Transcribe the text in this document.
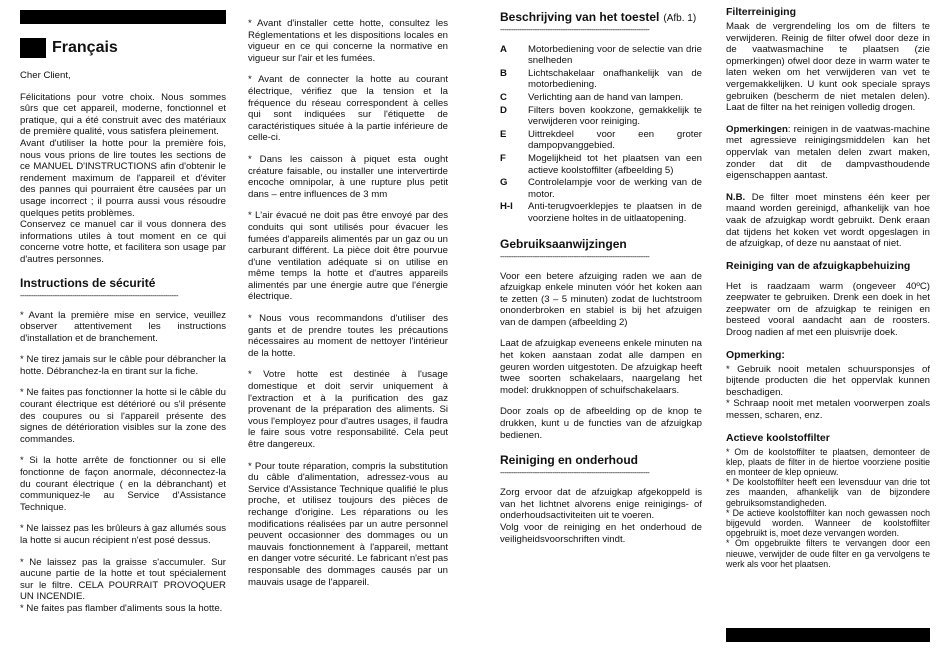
Français

Cher Client,

Félicitations pour votre choix. Nous sommes sûrs que cet appareil, moderne, fonctionnel et pratique, qui a été construit avec des matériaux de première qualité, vous satisfera pleinement.

Avant d'utiliser la hotte pour la première fois, nous vous prions de lire toutes les sections de ce MANUEL D'INSTRUCTIONS afin d'obtenir le rendement maximum de l'appareil et d'éviter des pannes qui pourraient être causées par un usage incorrect ; il pourra aussi vous résoudre quelques petits problèmes.

Conservez ce manuel car il vous donnera des informations utiles à tout moment en ce qui concerne votre hotte, et facilitera son usage par d'autres personnes.

Instructions de sécurité
-------------------------------------------------------------------------

* Avant la première mise en service, veuillez observer attentivement les instructions d'installation et de branchement.

* Ne tirez jamais sur le câble pour débrancher la hotte. Débranchez-la en tirant sur la fiche.

* Ne faites pas fonctionner la hotte si le câble du courant électrique est détérioré ou s'il présente des coupures ou si l'appareil présente des signes de détérioration visibles sur la zone des commandes.

* Si la hotte arrête de fonctionner ou si elle fonctionne de façon anormale, déconnectez-la du courant électrique ( en la débranchant) et communiquez-le au Service d'Assistance Technique.

* Ne laissez pas les brûleurs à gaz allumés sous la hotte si aucun récipient n'est posé dessus.

* Ne laissez pas la graisse s'accumuler. Sur aucune partie de la hotte et tout spécialement sur le filtre. CELA POURRAIT PROVOQUER UN INCENDIE.

* Ne faites pas flamber d'aliments sous la hotte.

* Avant d'installer cette hotte, consultez les Réglementations et les dispositions locales en vigueur en ce qui concerne la normative en vigueur sur l'air et les fumées.

* Avant de connecter la hotte au courant électrique, vérifiez que la tension et la fréquence du réseau correspondent à celles qui sont indiquées sur l'étiquette de caractéristiques située à la partie inférieure de celle-ci.

* Dans les caisson à piquet esta ought créature faisable, ou installer une intervertirde encoche omnipolar, à une rupture plus petit dans – entre influences de 3 mm

* L'air évacué ne doit pas être envoyé par des conduits qui sont utilisés pour évacuer les fumées d'appareils alimentés par un gaz ou un carburant différent. La pièce doit être pourvue d'une ventilation adéquate si on utilise en même temps la hotte et d'autres appareils alimentés par une énergie autre que l'énergie électrique.

* Nous vous recommandons d'utiliser des gants et de prendre toutes les précautions nécessaires au moment de nettoyer l'intérieur de la hotte.

* Votre hotte est destinée à l'usage domestique et doit servir uniquement à l'extraction et à la purification des gaz provenant de la préparation des aliments. Si vous l'employez pour d'autres usages, il faudra le faire sous votre responsabilité. Cela peut être dangereux.

* Pour toute réparation, compris la substitution du câble d'alimentation, adressez-vous au Service d'Assistance Technique qualifié le plus proche, et utilisez toujours des pièces de rechange d'origine. Les réparations ou les modifications réalisées par un autre personnel peuvent occasionner des dommages ou un mauvais fonctionnement à l'appareil, mettant en danger votre sécurité. Le fabricant n'est pas responsable des dommages causés par un mauvais usage de l'appareil.

Beschrijving van het toestel (Afb. 1)
---------------------------------------------------------------------
A	Motorbediening voor de selectie van drie snelheden
B	Lichtschakelaar onafhankelijk van de motorbediening.
C	Verlichting aan de hand van lampen.
D	Filters boven kookzone, gemakkelijk te verwijderen voor reiniging.
E	Uittrekdeel voor een groter dampopvanggebied.
F	Mogelijkheid tot het plaatsen van een actieve koolstoffilter (afbeelding 5)
G	Controlelampje voor de werking van de motor.
H-I	Anti-terugvoerklepjes te plaatsen in de voorziene holtes in de uitlaatopening.
Gebruiksaanwijzingen
---------------------------------------------------------------------

Voor een betere afzuiging raden we aan de afzuigkap enkele minuten vóór het koken aan te zetten (3 – 5 minuten) zodat de luchtstroom ononderbroken en stabiel is bij het afzuigen van de dampen (afbeelding 2)

Laat de afzuigkap eveneens enkele minuten na het koken aanstaan zodat alle dampen en geuren worden uitgestoten. De afzuigkap heeft twee soorten schakelaars, naargelang het model: drukknoppen of schuifschakelaars.

Door zoals op de afbeelding op de knop te drukken, kunt u de functies van de afzuigkap bedienen.

Reiniging en onderhoud
---------------------------------------------------------------------

Zorg ervoor dat de afzuigkap afgekoppeld is van het lichtnet alvorens enige reinigings- of onderhoudsactiviteiten uit te voeren.

Volg voor de reiniging en het onderhoud de veiligheidsvoorschriften vindt.

Filterreiniging

Maak de vergrendeling los om de filters te verwijderen. Reinig de filter ofwel door deze in de vaatwasmachine te plaatsen (zie opmerkingen) ofwel door deze in warm water te laten weken om het verwijderen van vet te vergemakkelijken. U kunt ook speciale sprays gebruiken (bescherm de niet metalen delen). Laat de filter na het reinigen volledig drogen.

Opmerkingen: reinigen in de vaatwas-machine met agressieve reinigingsmiddelen kan het oppervlak van metalen delen zwart maken, zonder dat dit de dampvasthoudende eigenschappen aantast.

N.B. De filter moet minstens één keer per maand worden gereinigd, afhankelijk van hoe vaak de afzuigkap wordt gebruikt. Denk eraan dat tijdens het koken vet wordt opgeslagen in de afzuigkap, of deze nu aanstaat of niet.

Reiniging van de afzuigkapbehuizing

Het is raadzaam warm (ongeveer 40ºC) zeepwater te gebruiken. Drenk een doek in het zeepwater om de afzuigkap te reinigen en besteed vooral aandacht aan de roosters. Droog nadien af met een pluisvrije doek.

Opmerking:

* Gebruik nooit metalen schuursponsjes of bijtende producten die het oppervlak kunnen beschadigen.

* Schraap nooit met metalen voorwerpen zoals messen, scharen, enz.

Actieve koolstoffilter

* Om de koolstoffilter te plaatsen, demonteer de klep, plaats de filter in de hiertoe voorziene positie en monteer de klep opnieuw.

* De koolstoffilter heeft een levensduur van drie tot zes maanden, afhankelijk van de bijzondere gebruiksomstandigheden.

* De actieve koolstoffilter kan noch gewassen noch bijgevuld worden. Wanneer de koolstoffilter opgebruikt is, moet deze vervangen worden.

* Om opgebruikte filters te vervangen door een nieuwe, verwijder de oude filter en ga vervolgens te werk als voor het plaatsen.
